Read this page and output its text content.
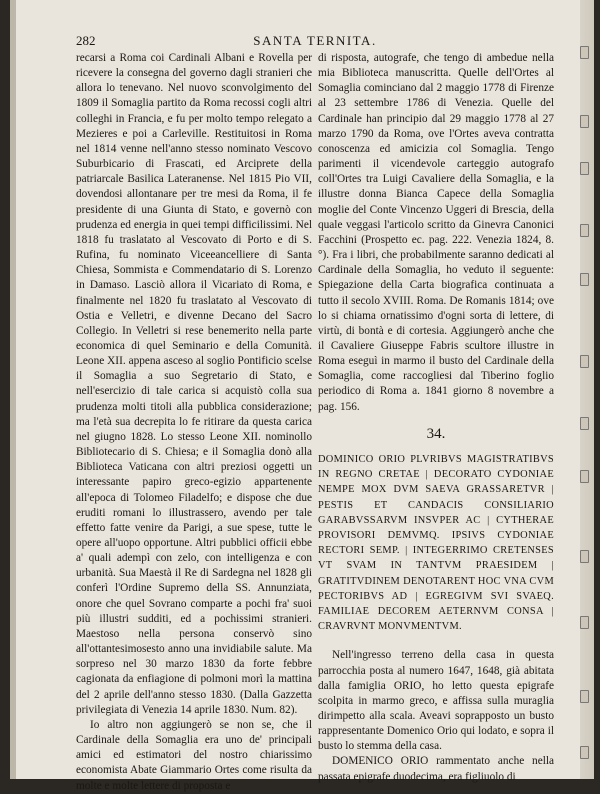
282	SANTA TERNITA.

recarsi a Roma coi Cardinali Albani e Rovella per ricevere la consegna del governo dagli stranieri che allora lo tenevano. Nel nuovo sconvolgimento del 1809 il Somaglia partito da Roma recossi cogli altri colleghi in Francia, e fu per molto tempo relegato a Mezieres e poi a Carleville. Restituitosi in Roma nel 1814 venne nell'anno stesso nominato Vescovo Suburbicario di Frascati, ed Arciprete della patriarcale Basilica Lateranense. Nel 1815 Pio VII, dovendosi allontanare per tre mesi da Roma, il fe presidente di una Giunta di Stato, e governò con prudenza ed energia in quei tempi difficilissimi. Nel 1818 fu traslatato al Vescovato di Porto e di S. Rufina, fu nominato Viceeancelliere di Santa Chiesa, Sommista e Commendatario di S. Lorenzo in Damaso. Lasciò allora il Vicariato di Roma, e finalmente nel 1820 fu traslatato al Vescovato di Ostia e Velletri, e divenne Decano del Sacro Collegio. In Velletri si rese benemerito nella parte economica di quel Seminario e della Comunità. Leone XII. appena asceso al soglio Pontificio scelse il Somaglia a suo Segretario di Stato, e nell'esercizio di tale carica si acquistò colla sua prudenza molti titoli alla pubblica considerazione; ma l'età sua decrepita lo fe ritirare da questa carica nel giugno 1828. Lo stesso Leone XII. nominollo Bibliotecario di S. Chiesa; e il Somaglia donò alla Biblioteca Vaticana con altri preziosi oggetti un interessante papiro greco-egizio appartenente all'epoca di Tolomeo Filadelfo; e dispose che due eruditi romani lo illustrassero, avendo per tale effetto fatte venire da Parigi, a sue spese, tutte le opere all'uopo opportune. Altri pubblici officii ebbe a' quali adempì con zelo, con intelligenza e con urbanità. Sua Maestà il Re di Sardegna nel 1828 gli conferì l'Ordine Supremo della SS. Annunziata, onore che quel Sovrano comparte a pochi fra' suoi più illustri sudditi, ed a pochissimi stranieri. Maestoso nella persona conservò sino all'ottantesimosesto anno una invidiabile salute. Ma sorpreso nel 30 marzo 1830 da forte febbre cagionata da enfiagione di polmoni morì la mattina del 2 aprile dell'anno stesso 1830. (Dalla Gazzetta privilegiata di Venezia 14 aprile 1830. Num. 82).

Io altro non aggiungerò se non se, che il Cardinale della Somaglia era uno de' principali amici ed estimatori del nostro chiarissimo economista Abate Giammario Ortes come risulta da molte e molte lettere di proposta e

di risposta, autografe, che tengo di ambedue nella mia Biblioteca manuscritta. Quelle dell'Ortes al Somaglia cominciano dal 2 maggio 1778 di Firenze al 23 settembre 1786 di Venezia. Quelle del Cardinale han principio dal 29 maggio 1778 al 27 marzo 1790 da Roma, ove l'Ortes aveva contratta conoscenza ed amicizia col Somaglia. Tengo parimenti il vicendevole carteggio autografo coll'Ortes tra Luigi Cavaliere della Somaglia, e la illustre donna Bianca Capece della Somaglia moglie del Conte Vincenzo Uggeri di Brescia, della quale veggasi l'articolo scritto da Ginevra Canonici Facchini (Prospetto ec. pag. 222. Venezia 1824, 8.°). Fra i libri, che probabilmente saranno dedicati al Cardinale della Somaglia, ho veduto il seguente: Spiegazione della Carta biografica continuata a tutto il secolo XVIII. Roma. De Romanis 1814; ove lo si chiama ornatissimo d'ogni sorta di lettere, di virtù, di bontà e di cortesia. Aggiungerò anche che il Cavaliere Giuseppe Fabris scultore illustre in Roma eseguì in marmo il busto del Cardinale della Somaglia, come raccogliesi dal Tiberino foglio periodico di Roma a. 1841 giorno 8 novembre a pag. 156.

34.
DOMINICO ORIO PLVRIBVS MAGISTRATIBVS IN REGNO CRETAE | DECORATO CYDONIAE NEMPE MOX DVM SAEVA GRASSARETVR | PESTIS ET CANDACIS CONSILIARIO GARABVSSARVM INSVPER AC | CYTHERAE PROVISORI DEMVMQ. IPSIVS CYDONIAE RECTORI SEMP. | INTEGERRIMO CRETENSES VT SVAM IN TANTVM PRAESIDEM | GRATITVDINEM DENOTARENT HOC VNA CVM PECTORIBVS AD | EGREGIVM SVI SVAEQ. FAMILIAE DECOREM AETERNVM CONSA | CRAVRVNT MONVMENTVM.

Nell'ingresso terreno della casa in questa parrocchia posta al numero 1647, 1648, già abitata dalla famiglia ORIO, ho letto questa epigrafe scolpita in marmo greco, e affissa sulla muraglia dirimpetto alla scala. Aveavi soprapposto un busto rappresentante Domenico Orio qui lodato, e sopra il busto lo stemma della casa.

DOMENICO ORIO rammentato anche nella passata epigrafe duodecima, era figliuolo di
